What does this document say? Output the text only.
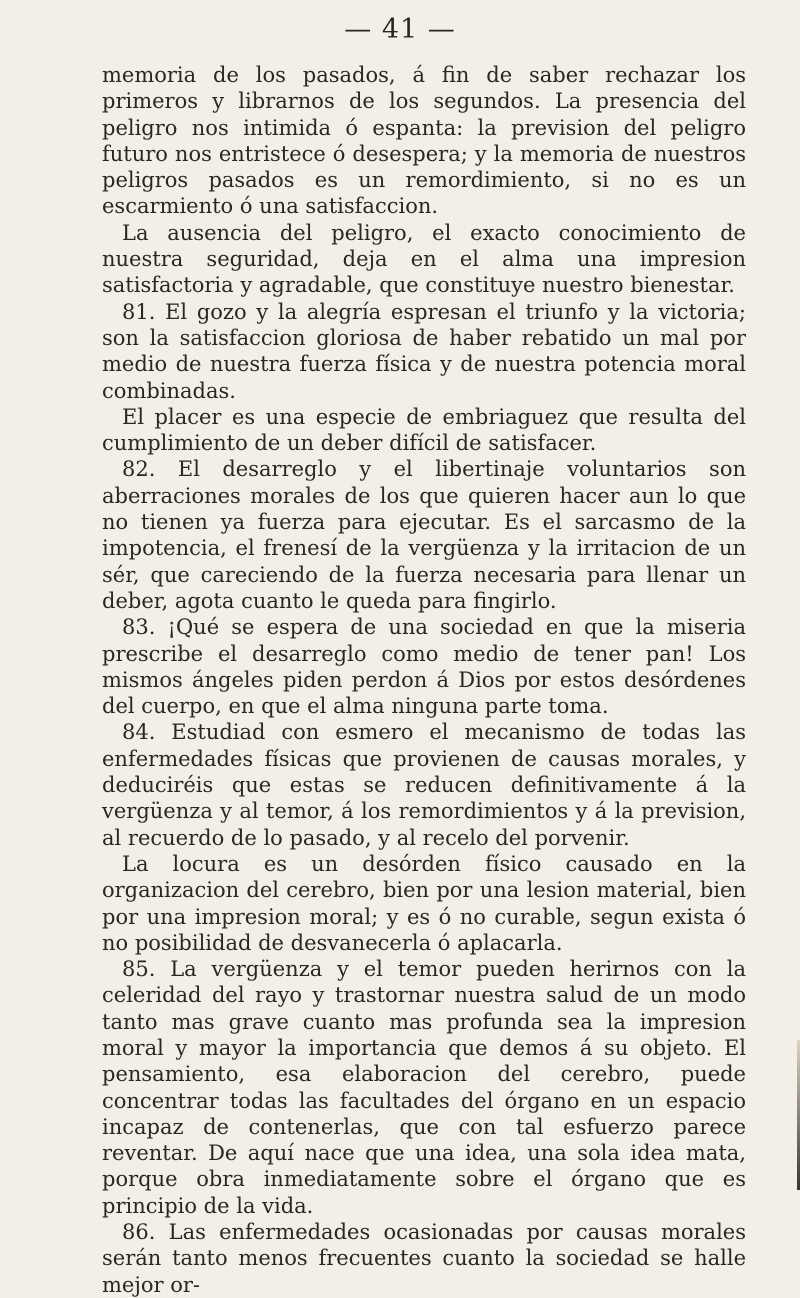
— 41 —

memoria de los pasados, á fin de saber rechazar los primeros y librarnos de los segundos. La presencia del peligro nos intimida ó espanta: la prevision del peligro futuro nos entristece ó desespera; y la memoria de nuestros peligros pasados es un remordimiento, si no es un escarmiento ó una satisfaccion.

La ausencia del peligro, el exacto conocimiento de nuestra seguridad, deja en el alma una impresion satisfactoria y agradable, que constituye nuestro bienestar.

81. El gozo y la alegría espresan el triunfo y la victoria; son la satisfaccion gloriosa de haber rebatido un mal por medio de nuestra fuerza física y de nuestra potencia moral combinadas.

El placer es una especie de embriaguez que resulta del cumplimiento de un deber difícil de satisfacer.

82. El desarreglo y el libertinaje voluntarios son aberraciones morales de los que quieren hacer aun lo que no tienen ya fuerza para ejecutar. Es el sarcasmo de la impotencia, el frenesí de la vergüenza y la irritacion de un sér, que careciendo de la fuerza necesaria para llenar un deber, agota cuanto le queda para fingirlo.

83. ¡Qué se espera de una sociedad en que la miseria prescribe el desarreglo como medio de tener pan! Los mismos ángeles piden perdon á Dios por estos desórdenes del cuerpo, en que el alma ninguna parte toma.

84. Estudiad con esmero el mecanismo de todas las enfermedades físicas que provienen de causas morales, y deduciréis que estas se reducen definitivamente á la vergüenza y al temor, á los remordimientos y á la prevision, al recuerdo de lo pasado, y al recelo del porvenir.

La locura es un desórden físico causado en la organizacion del cerebro, bien por una lesion material, bien por una impresion moral; y es ó no curable, segun exista ó no posibilidad de desvanecerla ó aplacarla.

85. La vergüenza y el temor pueden herirnos con la celeridad del rayo y trastornar nuestra salud de un modo tanto mas grave cuanto mas profunda sea la impresion moral y mayor la importancia que demos á su objeto. El pensamiento, esa elaboracion del cerebro, puede concentrar todas las facultades del órgano en un espacio incapaz de contenerlas, que con tal esfuerzo parece reventar. De aquí nace que una idea, una sola idea mata, porque obra inmediatamente sobre el órgano que es principio de la vida.

86. Las enfermedades ocasionadas por causas morales serán tanto menos frecuentes cuanto la sociedad se halle mejor or-
